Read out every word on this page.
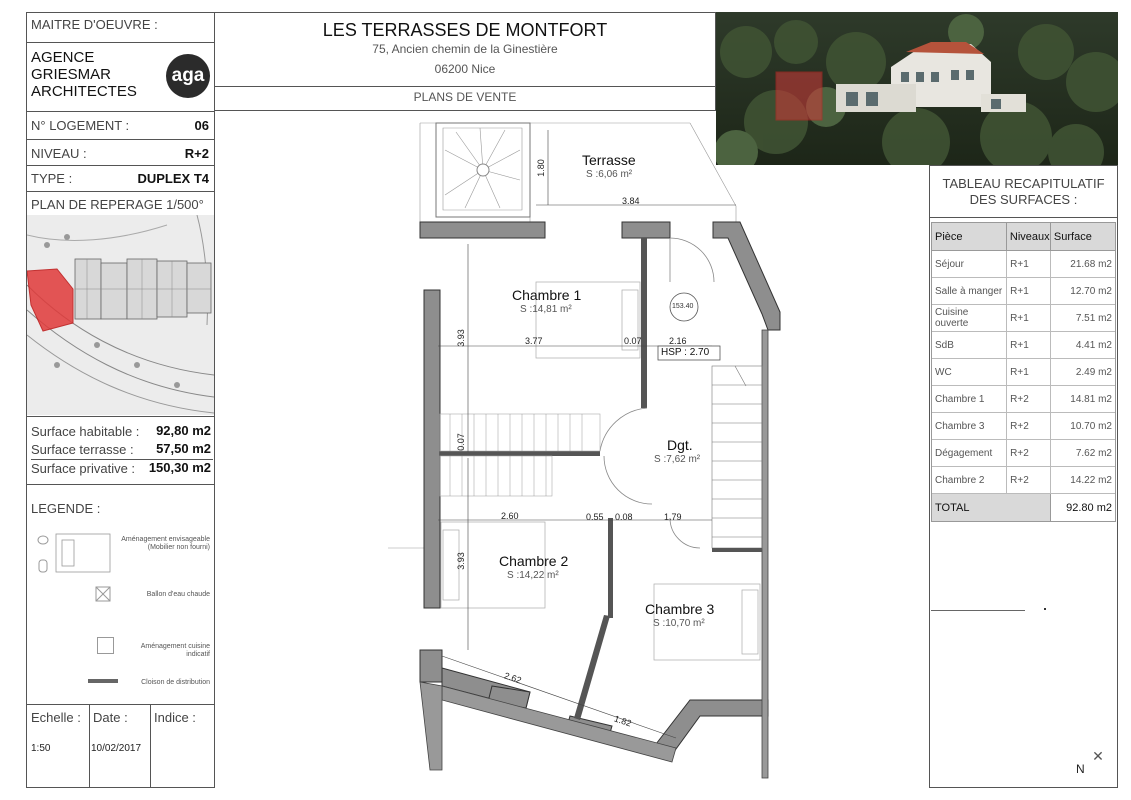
MAITRE D'OEUVRE :
AGENCE
GRIESMAR
ARCHITECTES
aga
N° LOGEMENT :	06
NIVEAU :	R+2
TYPE :	DUPLEX T4
PLAN DE REPERAGE 1/500°
Surface habitable : 92,80 m2
Surface terrasse : 57,50 m2
Surface privative : 150,30 m2
LEGENDE :
Aménagement envisageable (Mobilier non fourni)
Ballon d'eau chaude
Aménagement cuisine indicatif
Cloison de distribution
Echelle : Date : Indice :
1:50	10/02/2017
LES TERRASSES DE MONTFORT
75, Ancien chemin de la Ginestière
06200 Nice
PLANS DE VENTE
Terrasse
S :6,06 m²
Chambre 1
S :14,81 m²
Dgt.
S :7,62 m²
Chambre 2
S :14,22 m²
Chambre 3
S :10,70 m²
HSP : 2.70
153.40
1.80
3.84
3.93	3.77	0.07	2.16
0.07
2.60	0.55 0.08	1.79
3.93
2.62
1.82
N
✕
TABLEAU RECAPITULATIF
DES SURFACES :
Pièce	Niveaux Surface
Séjour	R+1	21.68 m2
Salle à manger R+1	12.70 m2
Cuisine ouverte	R+1	7.51 m2
SdB	R+1	4.41 m2
WC	R+1	2.49 m2
Chambre 1	R+2	14.81 m2
Chambre 3	R+2	10.70 m2
Dégagement	R+2	7.62 m2
Chambre 2	R+2	14.22 m2
TOTAL	92.80 m2
